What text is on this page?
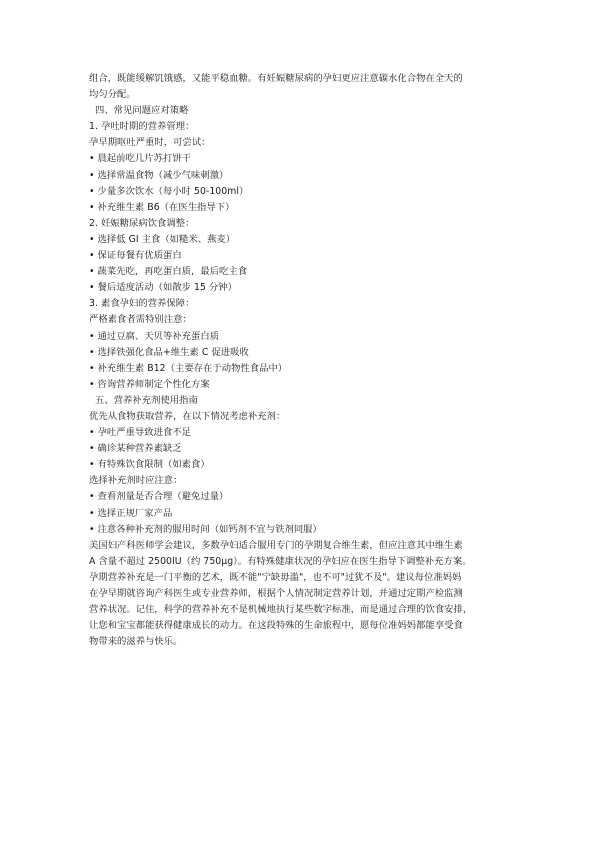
组合，既能缓解饥饿感，又能平稳血糖。有妊娠糖尿病的孕妇更应注意碳水化合物在全天的
均匀分配。
四、常见问题应对策略
1. 孕吐时期的营养管理：
孕早期呕吐严重时，可尝试：
• 晨起前吃几片苏打饼干
• 选择常温食物（减少气味刺激）
• 少量多次饮水（每小时 50-100ml）
• 补充维生素 B6（在医生指导下）
2. 妊娠糖尿病饮食调整：
• 选择低 GI 主食（如糙米、燕麦）
• 保证每餐有优质蛋白
• 蔬菜先吃，再吃蛋白质，最后吃主食
• 餐后适度活动（如散步 15 分钟）
3. 素食孕妇的营养保障：
严格素食者需特别注意：
• 通过豆腐、天贝等补充蛋白质
• 选择铁强化食品+维生素 C 促进吸收
• 补充维生素 B12（主要存在于动物性食品中）
• 咨询营养师制定个性化方案
五、营养补充剂使用指南
优先从食物获取营养，在以下情况考虑补充剂：
• 孕吐严重导致进食不足
• 确诊某种营养素缺乏
• 有特殊饮食限制（如素食）
选择补充剂时应注意：
• 查看剂量是否合理（避免过量）
• 选择正规厂家产品
• 注意各种补充剂的服用时间（如钙剂不宜与铁剂同服）
美国妇产科医师学会建议，多数孕妇适合服用专门的孕期复合维生素，但应注意其中维生素
A 含量不超过 2500IU（约 750μg）。有特殊健康状况的孕妇应在医生指导下调整补充方案。
孕期营养补充是一门平衡的艺术，既不能"宁缺毋滥"，也不可"过犹不及"。建议每位准妈妈
在孕早期就咨询产科医生或专业营养师，根据个人情况制定营养计划，并通过定期产检监测
营养状况。记住，科学的营养补充不是机械地执行某些数字标准，而是通过合理的饮食安排，
让您和宝宝都能获得健康成长的动力。在这段特殊的生命旅程中，愿每位准妈妈都能享受食
物带来的滋养与快乐。
